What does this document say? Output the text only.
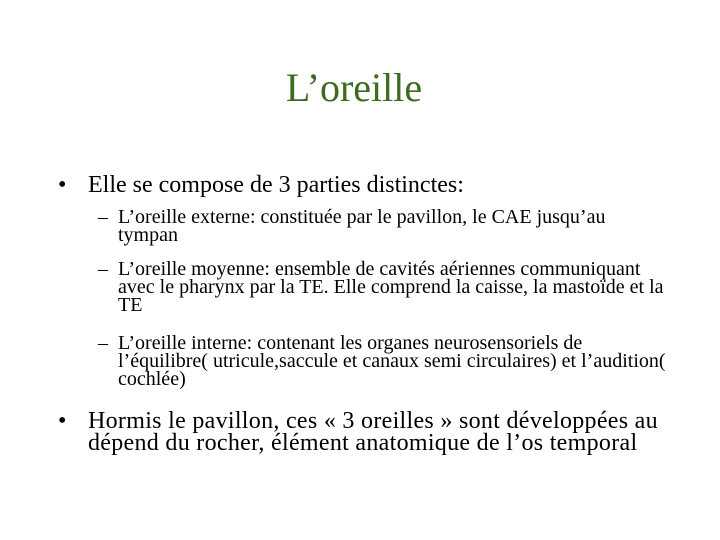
L’oreille
• Elle se compose de 3 parties distinctes:
– L’oreille externe: constituée par le pavillon, le CAE jusqu’au tympan
– L’oreille moyenne: ensemble de cavités aériennes communiquant avec le pharynx par la TE. Elle comprend la caisse, la mastoïde et la TE
– L’oreille interne: contenant les organes neurosensoriels de l’équilibre( utricule,saccule et canaux semi circulaires) et l’audition( cochlée)
• Hormis le pavillon, ces « 3 oreilles » sont développées au dépend du rocher, élément anatomique de l’os temporal
